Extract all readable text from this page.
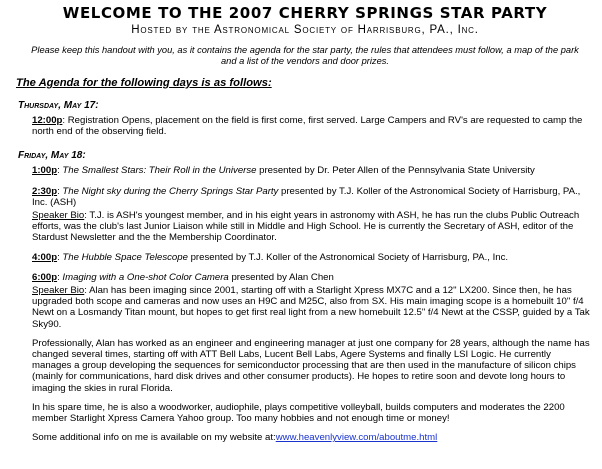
WELCOME TO THE 2007 CHERRY SPRINGS STAR PARTY
Hosted by the Astronomical Society of Harrisburg, PA., Inc.
Please keep this handout with you, as it contains the agenda for the star party, the rules that attendees must follow, a map of the park and a list of the vendors and door prizes.
The Agenda for the following days is as follows:
Thursday, May 17:
12:00p: Registration Opens, placement on the field is first come, first served. Large Campers and RV's are requested to camp the north end of the observing field.
Friday, May 18:
1:00p: The Smallest Stars: Their Roll in the Universe presented by Dr. Peter Allen of the Pennsylvania State University
2:30p: The Night sky during the Cherry Springs Star Party presented by T.J. Koller of the Astronomical Society of Harrisburg, PA., Inc. (ASH)
Speaker Bio: T.J. is ASH's youngest member, and in his eight years in astronomy with ASH, he has run the clubs Public Outreach efforts, was the club's last Junior Liaison while still in Middle and High School. He is currently the Secretary of ASH, editor of the Stardust Newsletter and the the Membership Coordinator.
4:00p: The Hubble Space Telescope presented by T.J. Koller of the Astronomical Society of Harrisburg, PA., Inc.
6:00p: Imaging with a One-shot Color Camera presented by Alan Chen
Speaker Bio: Alan has been imaging since 2001, starting off with a Starlight Xpress MX7C and a 12" LX200. Since then, he has upgraded both scope and cameras and now uses an H9C and M25C, also from SX. His main imaging scope is a homebuilt 10" f/4 Newt on a Losmandy Titan mount, but hopes to get first real light from a new homebuilt 12.5" f/4 Newt at the CSSP, guided by a Tak Sky90.
Professionally, Alan has worked as an engineer and engineering manager at just one company for 28 years, although the name has changed several times, starting off with ATT Bell Labs, Lucent Bell Labs, Agere Systems and finally LSI Logic. He currently manages a group developing the sequences for semiconductor processing that are then used in the manufacture of silicon chips (mainly for communications, hard disk drives and other consumer products). He hopes to retire soon and devote long hours to imaging the skies in rural Florida.
In his spare time, he is also a woodworker, audiophile, plays competitive volleyball, builds computers and moderates the 2200 member Starlight Xpress Camera Yahoo group. Too many hobbies and not enough time or money!
Some additional info on me is available on my website at:www.heavenlyview.com/aboutme.html
